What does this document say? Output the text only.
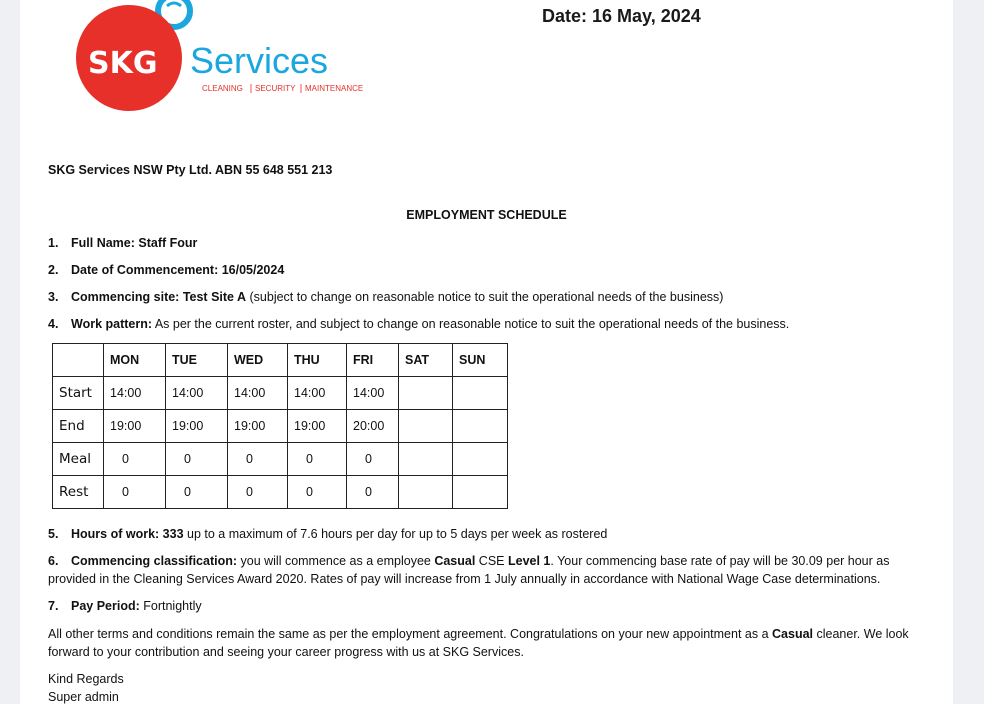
SKG Services
CLEANING SECURITY MAINTENANCE
Date: 16 May, 2024
SKG Services NSW Pty Ltd. ABN 55 648 551 213
EMPLOYMENT SCHEDULE
1. Full Name: Staff Four
2. Date of Commencement: 16/05/2024
3. Commencing site: Test Site A (subject to change on reasonable notice to suit the operational needs of the business)
4. Work pattern: As per the current roster, and subject to change on reasonable notice to suit the operational needs of the business.
	MON	TUE	WED	THU	FRI	SAT	SUN
Start	14:00	14:00	14:00	14:00	14:00		
End	19:00	19:00	19:00	19:00	20:00		
Meal	0	0	0	0	0		
Rest	0	0	0	0	0		
5. Hours of work: 333 up to a maximum of 7.6 hours per day for up to 5 days per week as rostered
6. Commencing classification: you will commence as a employee Casual CSE Level 1. Your commencing base rate of pay will be 30.09 per hour as provided in the Cleaning Services Award 2020. Rates of pay will increase from 1 July annually in accordance with National Wage Case determinations.
7. Pay Period: Fortnightly
All other terms and conditions remain the same as per the employment agreement. Congratulations on your new appointment as a Casual cleaner. We look forward to your contribution and seeing your career progress with us at SKG Services.
Kind Regards
Super admin
